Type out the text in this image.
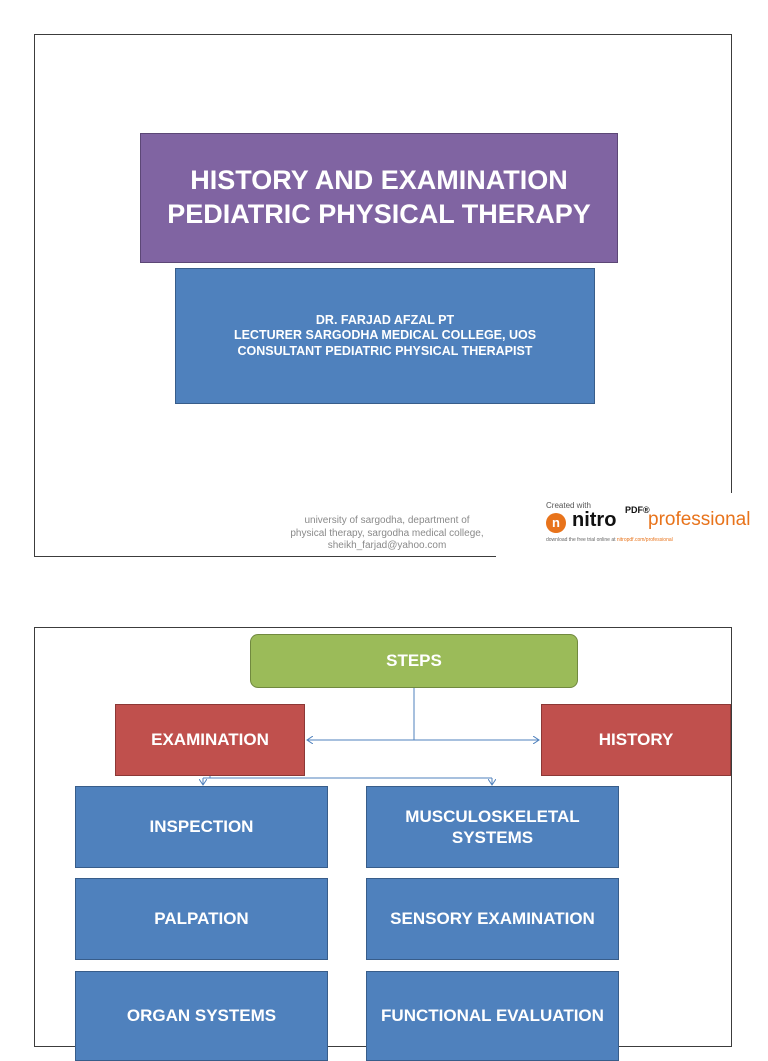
HISTORY AND EXAMINATION
PEDIATRIC PHYSICAL THERAPY
DR. FARJAD AFZAL PT
LECTURER SARGODHA MEDICAL COLLEGE, UOS
CONSULTANT PEDIATRIC PHYSICAL THERAPIST
university of sargodha, department of
physical therapy, sargodha medical college,
sheikh_farjad@yahoo.com
Created with
n nitro PDF®
professional
download the free trial online at nitropdf.com/professional
STEPS
EXAMINATION	HISTORY
INSPECTION
PALPATION
ORGAN SYSTEMS
MUSCULOSKELETAL SYSTEMS
SENSORY EXAMINATION
FUNCTIONAL EVALUATION
